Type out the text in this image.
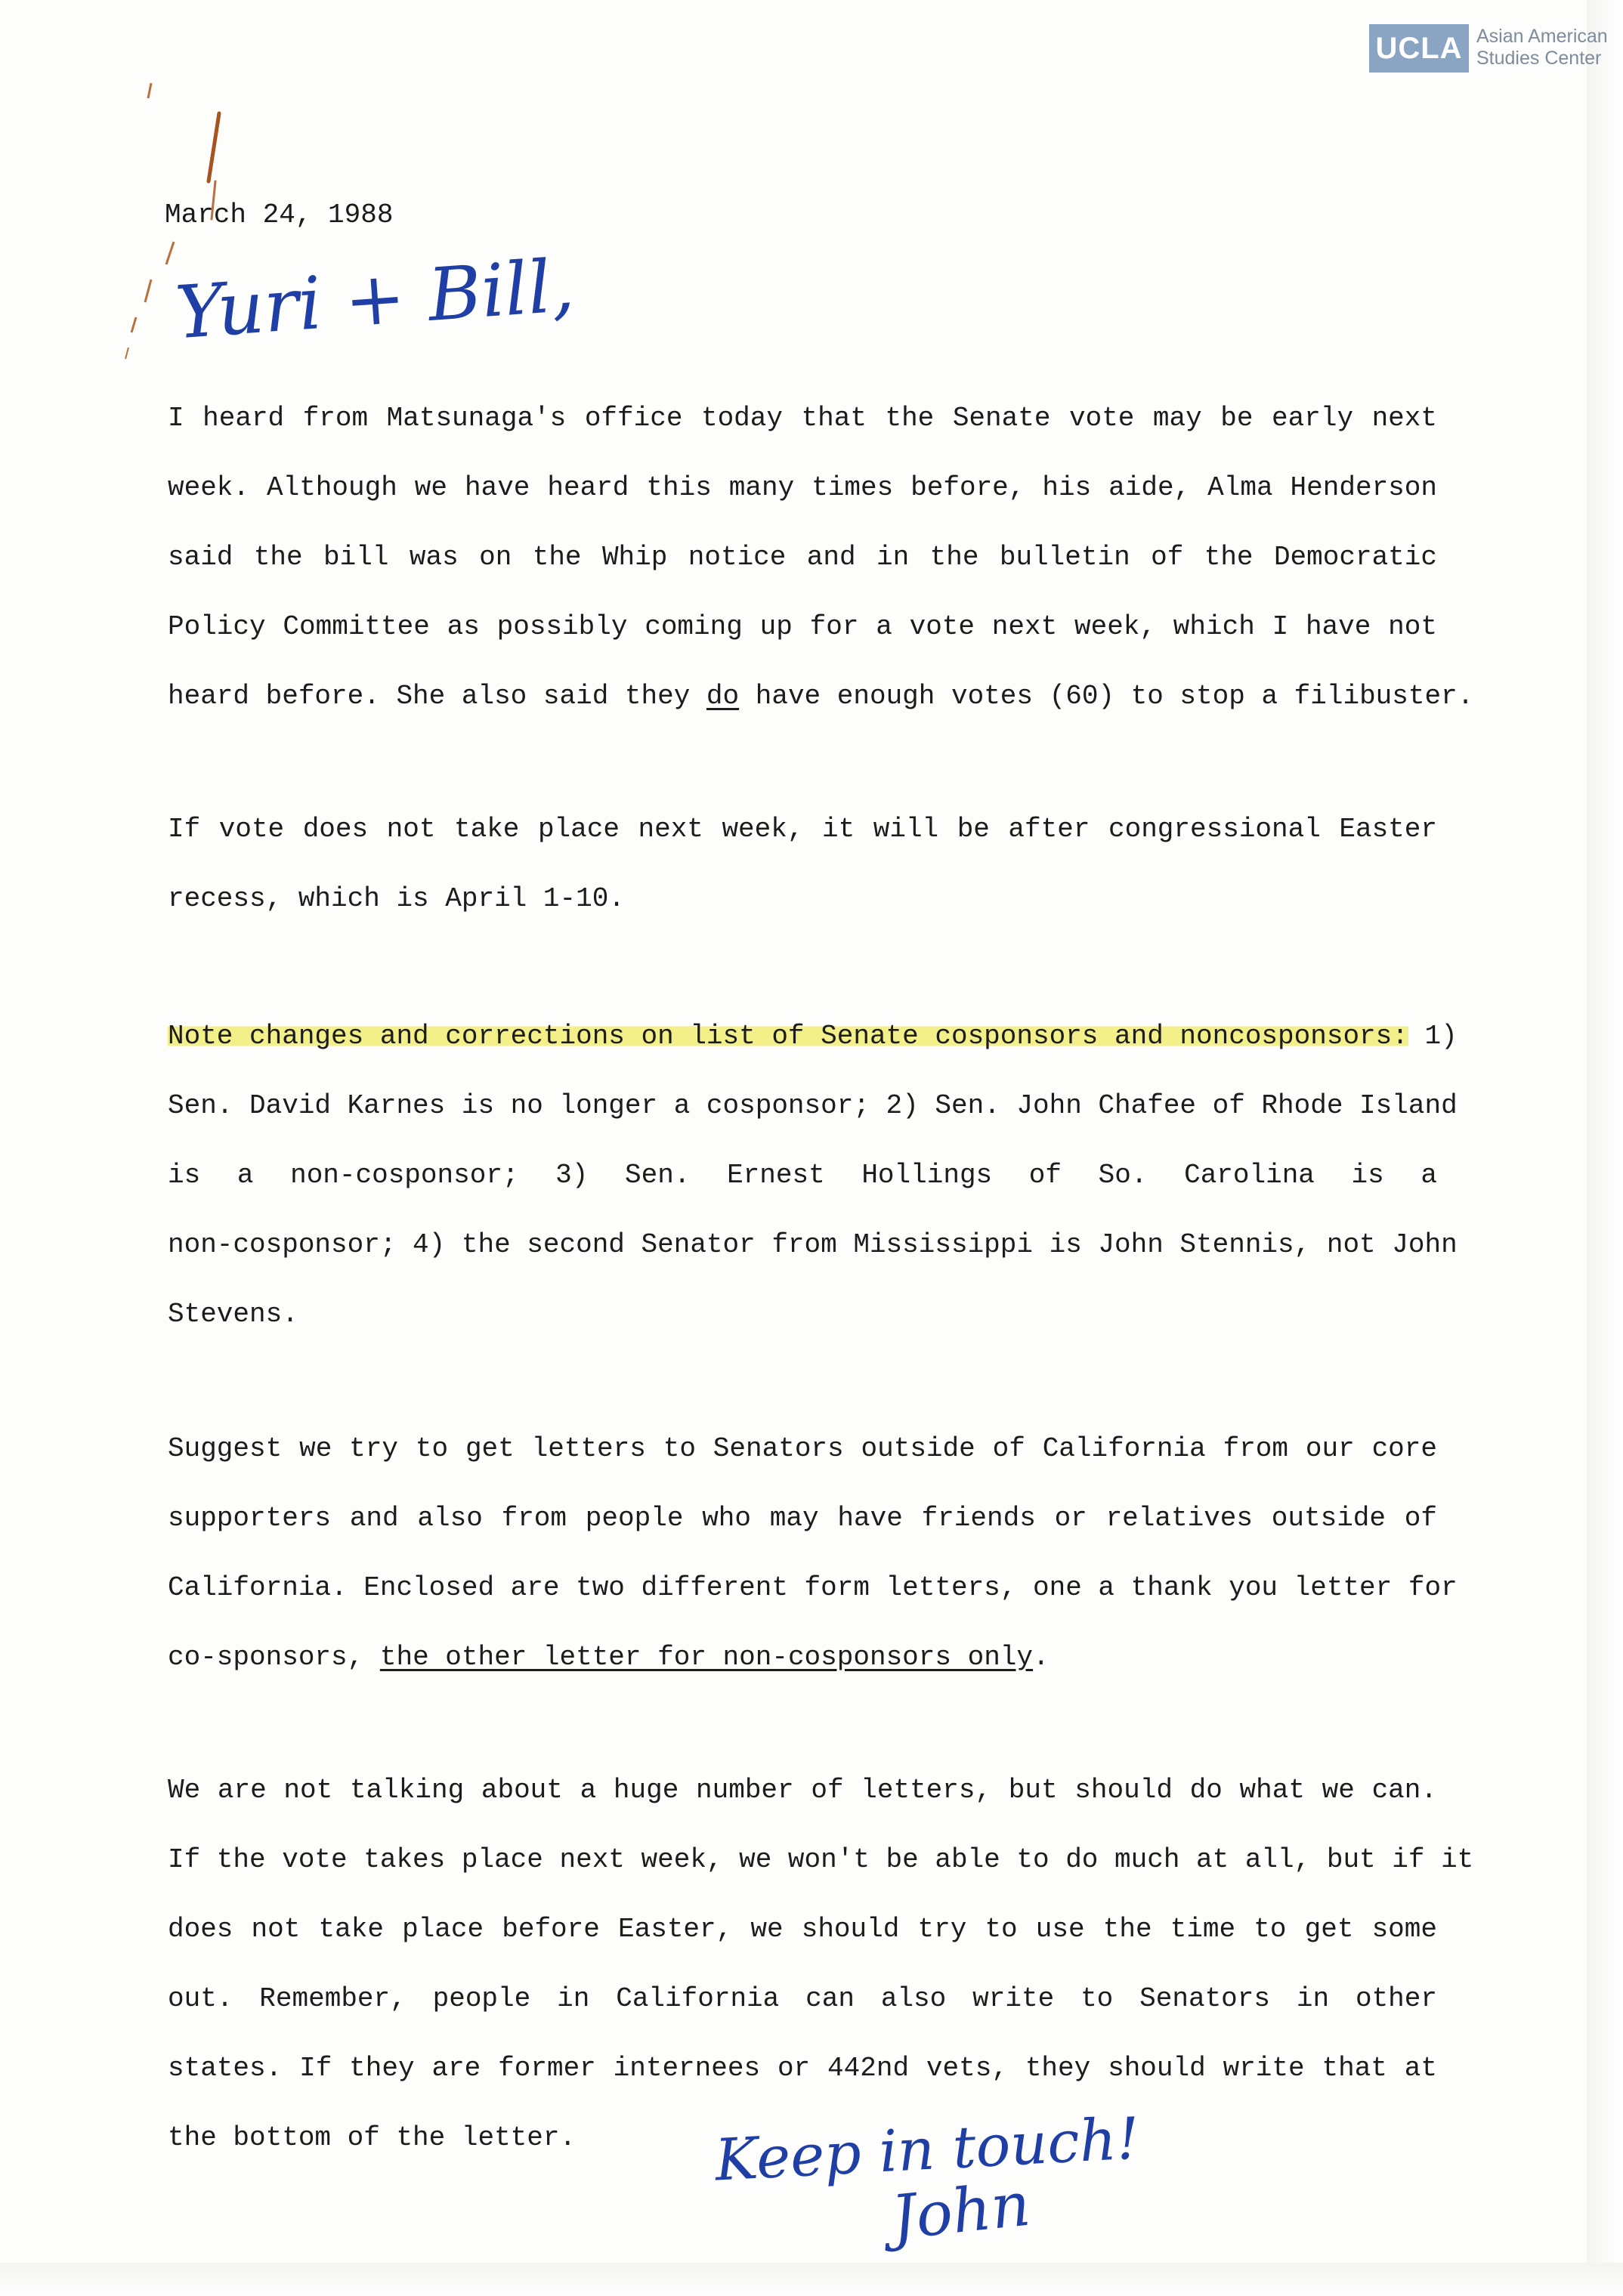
UCLA Asian American
Studies Center
March 24, 1988
Yuri + Bill,
I heard from Matsunaga's office today that the Senate vote may be early next
week. Although we have heard this many times before, his aide, Alma Henderson
said the bill was on the Whip notice and in the bulletin of the Democratic
Policy Committee as possibly coming up for a vote next week, which I have not
heard before. She also said they do have enough votes (60) to stop a filibuster.
If vote does not take place next week, it will be after congressional Easter
recess, which is April 1-10.
Note changes and corrections on list of Senate cosponsors and noncosponsors: 1)
Sen. David Karnes is no longer a cosponsor; 2) Sen. John Chafee of Rhode Island
is a non-cosponsor; 3) Sen. Ernest Hollings of So. Carolina is a
non-cosponsor; 4) the second Senator from Mississippi is John Stennis, not John
Stevens.
Suggest we try to get letters to Senators outside of California from our core
supporters and also from people who may have friends or relatives outside of
California. Enclosed are two different form letters, one a thank you letter for
co-sponsors, the other letter for non-cosponsors only.
We are not talking about a huge number of letters, but should do what we can.
If the vote takes place next week, we won't be able to do much at all, but if it
does not take place before Easter, we should try to use the time to get some
out. Remember, people in California can also write to Senators in other
states. If they are former internees or 442nd vets, they should write that at
the bottom of the letter.	Keep in touch!
John
